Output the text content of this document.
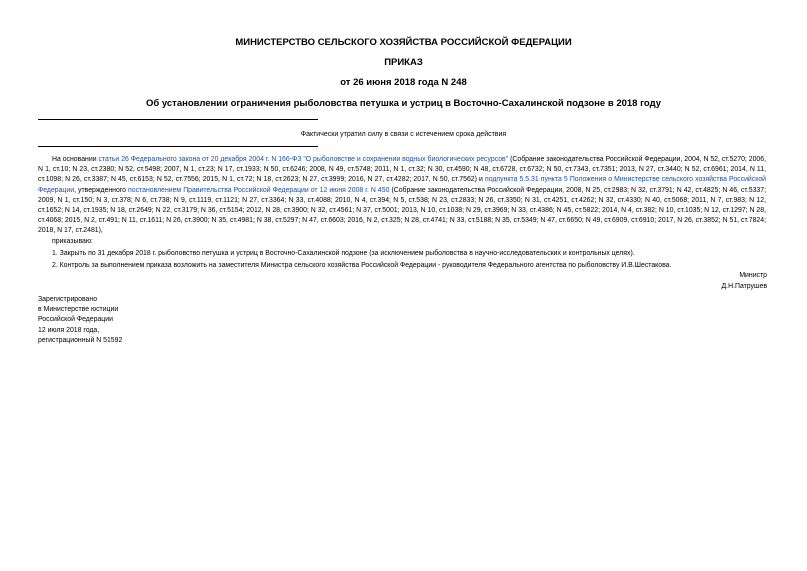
МИНИСТЕРСТВО СЕЛЬСКОГО ХОЗЯЙСТВА РОССИЙСКОЙ ФЕДЕРАЦИИ
ПРИКАЗ
от 26 июня 2018 года N 248
Об установлении ограничения рыболовства петушка и устриц в Восточно-Сахалинской подзоне в 2018 году
Фактически утратил силу в связи с истечением срока действия

На основании статьи 26 Федерального закона от 20 декабря 2004 г. N 166-ФЗ "О рыболовстве и сохранении водных биологических ресурсов" (Собрание законодательства Российской Федерации, 2004, N 52, ст.5270; 2006, N 1, ст.10; N 23, ст.2380; N 52, ст.5498; 2007, N 1, ст.23; N 17, ст.1933; N 50, ст.6246; 2008, N 49, ст.5748; 2011, N 1, ст.32; N 30, ст.4590; N 48, ст.6728, ст.6732; N 50, ст.7343, ст.7351; 2013, N 27, ст.3440; N 52, ст.6961; 2014, N 11, ст.1098; N 26, ст.3387; N 45, ст.6153; N 52, ст.7556; 2015, N 1, ст.72; N 18, ст.2623; N 27, ст.3999; 2016, N 27, ст.4282; 2017, N 50, ст.7562) и подпункта 5.5.31 пункта 5 Положения о Министерстве сельского хозяйства Российской Федерации, утвержденного постановлением Правительства Российской Федерации от 12 июня 2008 г. N 450 (Собрание законодательства Российской Федерации, 2008, N 25, ст.2983; N 32, ст.3791; N 42, ст.4825; N 46, ст.5337; 2009, N 1, ст.150; N 3, ст.378; N 6, ст.738; N 9, ст.1119, ст.1121; N 27, ст.3364; N 33, ст.4088; 2010, N 4, ст.394; N 5, ст.538; N 23, ст.2833; N 26, ст.3350; N 31, ст.4251, ст.4262; N 32, ст.4330; N 40, ст.5068; 2011, N 7, ст.983; N 12, ст.1652; N 14, ст.1935; N 18, ст.2649; N 22, ст.3179; N 36, ст.5154; 2012, N 28, ст.3900; N 32, ст.4561; N 37, ст.5001; 2013, N 10, ст.1038; N 29, ст.3969; N 33, ст.4386; N 45, ст.5822; 2014, N 4, ст.382; N 10, ст.1035; N 12, ст.1297; N 28, ст.4068; 2015, N 2, ст.491; N 11, ст.1611; N 26, ст.3900; N 35, ст.4981; N 38, ст.5297; N 47, ст.6603; 2016, N 2, ст.325; N 28, ст.4741; N 33, ст.5188; N 35, ст.5349; N 47, ст.6650; N 49, ст.6909, ст.6910; 2017, N 26, ст.3852; N 51, ст.7824; 2018, N 17, ст.2481),

приказываю:

1. Закрыть по 31 декабря 2018 г. рыболовство петушка и устриц в Восточно-Сахалинской подзоне (за исключением рыболовства в научно-исследовательских и контрольных целях).

2. Контроль за выполнением приказа возложить на заместителя Министра сельского хозяйства Российской Федерации - руководителя Федерального агентства по рыболовству И.В.Шестакова.

Министр
Д.Н.Патрушев
Зарегистрировано
в Министерстве юстиции
Российской Федерации
12 июля 2018 года,
регистрационный N 51592
